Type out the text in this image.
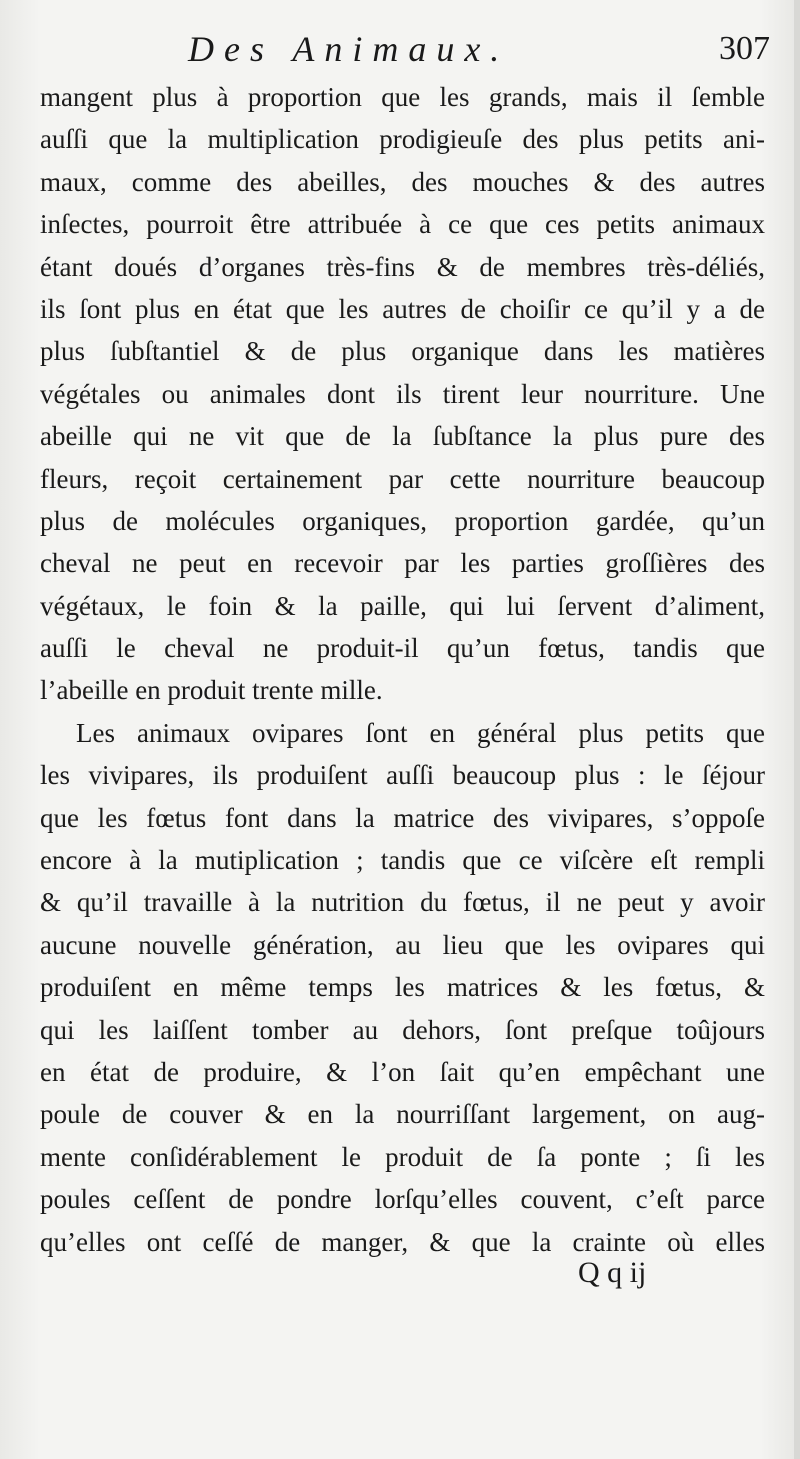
Des Animaux.	307
mangent plus à proportion que les grands, mais il ſemble
auſſi que la multiplication prodigieuſe des plus petits ani-
maux, comme des abeilles, des mouches & des autres
inſectes, pourroit être attribuée à ce que ces petits animaux
étant doués d’organes très-fins & de membres très-déliés,
ils ſont plus en état que les autres de choiſir ce qu’il y a de
plus ſubſtantiel & de plus organique dans les matières
végétales ou animales dont ils tirent leur nourriture. Une
abeille qui ne vit que de la ſubſtance la plus pure des
fleurs, reçoit certainement par cette nourriture beaucoup
plus de molécules organiques, proportion gardée, qu’un
cheval ne peut en recevoir par les parties groſſières des
végétaux, le foin & la paille, qui lui ſervent d’aliment,
auſſi le cheval ne produit-il qu’un fœtus, tandis que
l’abeille en produit trente mille.
Les animaux ovipares ſont en général plus petits que
les vivipares, ils produiſent auſſi beaucoup plus : le ſéjour
que les fœtus font dans la matrice des vivipares, s’oppoſe
encore à la mutiplication ; tandis que ce viſcère eſt rempli
& qu’il travaille à la nutrition du fœtus, il ne peut y avoir
aucune nouvelle génération, au lieu que les ovipares qui
produiſent en même temps les matrices & les fœtus, &
qui les laiſſent tomber au dehors, ſont preſque toûjours
en état de produire, & l’on ſait qu’en empêchant une
poule de couver & en la nourriſſant largement, on aug-
mente conſidérablement le produit de ſa ponte ; ſi les
poules ceſſent de pondre lorſqu’elles couvent, c’eſt parce
qu’elles ont ceſſé de manger, & que la crainte où elles
Q q ij
